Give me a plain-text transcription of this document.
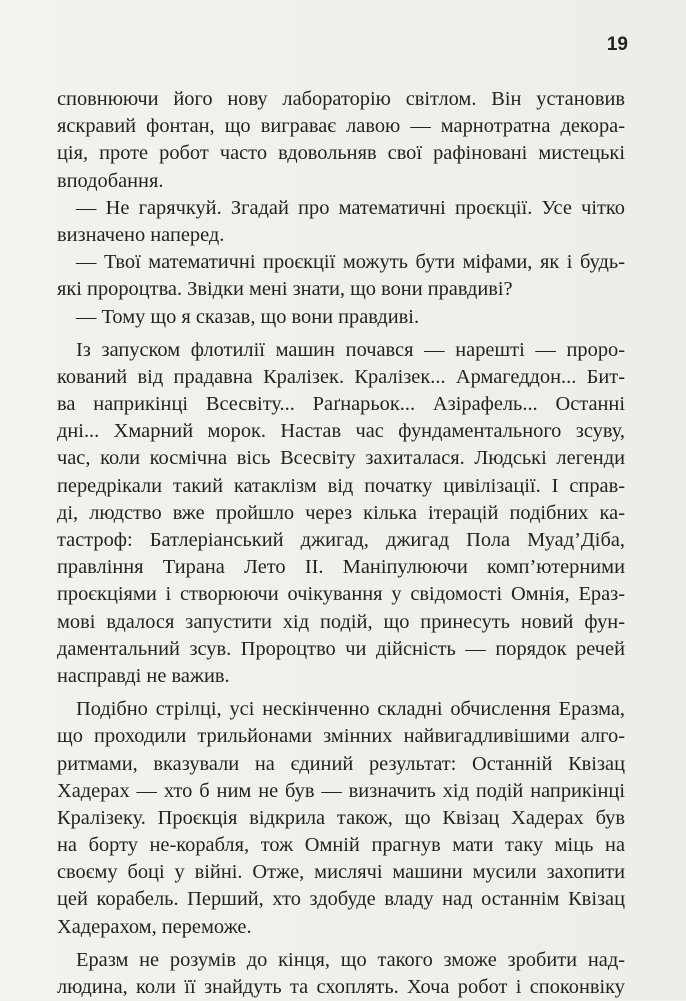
19
сповнюючи його нову лабораторію світлом. Він установив
яскравий фонтан, що виграває лавою — марнотратна декора-
ція, проте робот часто вдовольняв свої рафіновані мистецькі
вподобання.
— Не гарячкуй. Згадай про математичні проєкції. Усе чітко
визначено наперед.
— Твої математичні проєкції можуть бути міфами, як і будь-
які пророцтва. Звідки мені знати, що вони правдиві?
— Тому що я сказав, що вони правдиві.
Із запуском флотилії машин почався — нарешті — проро-
кований від прадавна Кралізек. Кралізек... Армагеддон... Бит-
ва наприкінці Всесвіту... Раґнарьок... Азірафель... Останні
дні... Хмарний морок. Настав час фундаментального зсуву,
час, коли космічна вісь Всесвіту захиталася. Людські легенди
передрікали такий катаклізм від початку цивілізації. І справ-
ді, людство вже пройшло через кілька ітерацій подібних ка-
тастроф: Батлеріанський джигад, джигад Пола Муад’Діба,
правління Тирана Лето II. Маніпулюючи комп’ютерними
проєкціями і створюючи очікування у свідомості Омнія, Ераз-
мові вдалося запустити хід подій, що принесуть новий фун-
даментальний зсув. Пророцтво чи дійсність — порядок речей
насправді не важив.
Подібно стрілці, усі нескінченно складні обчислення Еразма,
що проходили трильйонами змінних найвигадливішими алго-
ритмами, вказували на єдиний результат: Останній Квізац
Хадерах — хто б ним не був — визначить хід подій наприкінці
Кралізеку. Проєкція відкрила також, що Квізац Хадерах був
на борту не-корабля, тож Омній прагнув мати таку міць на
своєму боці у війні. Отже, мислячі машини мусили захопити
цей корабель. Перший, хто здобуде владу над останнім Квізац
Хадерахом, переможе.
Еразм не розумів до кінця, що такого зможе зробити над-
людина, коли її знайдуть та схоплять. Хоча робот і споконвіку
